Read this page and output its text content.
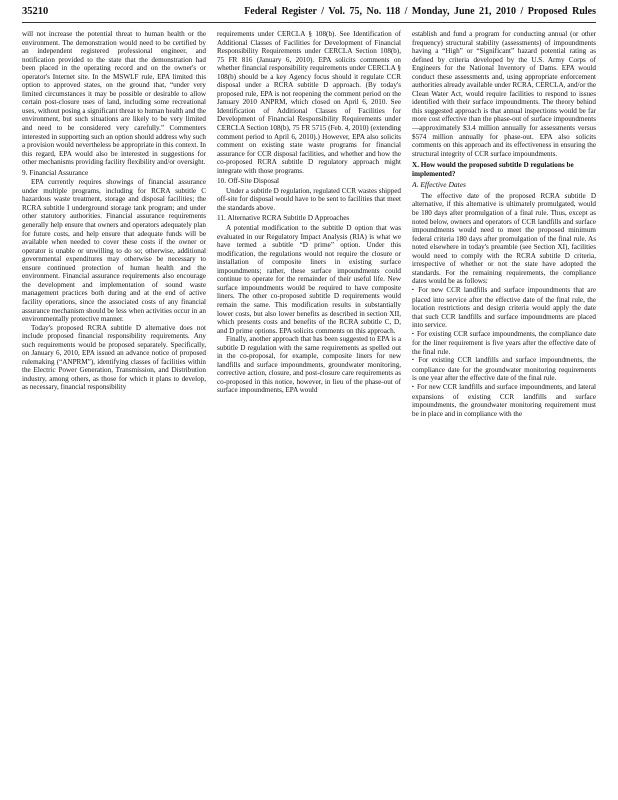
35210	Federal Register / Vol. 75, No. 118 / Monday, June 21, 2010 / Proposed Rules

will not increase the potential threat to human health or the environment. The demonstration would need to be certified by an independent registered professional engineer, and notification provided to the state that the demonstration had been placed in the operating record and on the owner's or operator's Internet site. In the MSWLF rule, EPA limited this option to approved states, on the ground that, “under very limited circumstances it may be possible or desirable to allow certain post-closure uses of land, including some recreational uses, without posing a significant threat to human health and the environment, but such situations are likely to be very limited and need to be considered very carefully.” Commenters interested in supporting such an option should address why such a provision would nevertheless be appropriate in this context. In this regard, EPA would also be interested in suggestions for other mechanisms providing facility flexibility and/or oversight.

9. Financial Assurance

EPA currently requires showings of financial assurance under multiple programs, including for RCRA subtitle C hazardous waste treatment, storage and disposal facilities; the RCRA subtitle I underground storage tank program; and under other statutory authorities. Financial assurance requirements generally help ensure that owners and operators adequately plan for future costs, and help ensure that adequate funds will be available when needed to cover these costs if the owner or operator is unable or unwilling to do so; otherwise, additional governmental expenditures may otherwise be necessary to ensure continued protection of human health and the environment. Financial assurance requirements also encourage the development and implementation of sound waste management practices both during and at the end of active facility operations, since the associated costs of any financial assurance mechanism should be less when activities occur in an environmentally protective manner.

Today's proposed RCRA subtitle D alternative does not include proposed financial responsibility requirements. Any such requirements would be proposed separately. Specifically, on January 6, 2010, EPA issued an advance notice of proposed rulemaking (“ANPRM”), identifying classes of facilities within the Electric Power Generation, Transmission, and Distribution industry, among others, as those for which it plans to develop, as necessary, financial responsibility

requirements under CERCLA § 108(b). See Identification of Additional Classes of Facilities for Development of Financial Responsibility Requirements under CERCLA Section 108(b), 75 FR 816 (January 6, 2010). EPA solicits comments on whether financial responsibility requirements under CERCLA § 108(b) should be a key Agency focus should it regulate CCR disposal under a RCRA subtitle D approach. (By today's proposed rule, EPA is not reopening the comment period on the January 2010 ANPRM, which closed on April 6, 2010. See Identification of Additional Classes of Facilities for Development of Financial Responsibility Requirements under CERCLA Section 108(b), 75 FR 5715 (Feb. 4, 2010) (extending comment period to April 6, 2010).) However, EPA also solicits comment on existing state waste programs for financial assurance for CCR disposal facilities, and whether and how the co-proposed RCRA subtitle D regulatory approach might integrate with those programs.

10. Off-Site Disposal

Under a subtitle D regulation, regulated CCR wastes shipped off-site for disposal would have to be sent to facilities that meet the standards above.

11. Alternative RCRA Subtitle D Approaches

A potential modification to the subtitle D option that was evaluated in our Regulatory Impact Analysis (RIA) is what we have termed a subtitle “D prime” option. Under this modification, the regulations would not require the closure or installation of composite liners in existing surface impoundments; rather, these surface impoundments could continue to operate for the remainder of their useful life. New surface impoundments would be required to have composite liners. The other co-proposed subtitle D requirements would remain the same. This modification results in substantially lower costs, but also lower benefits as described in section XII, which presents costs and benefits of the RCRA subtitle C, D, and D prime options. EPA solicits comments on this approach.

Finally, another approach that has been suggested to EPA is a subtitle D regulation with the same requirements as spelled out in the co-proposal, for example, composite liners for new landfills and surface impoundments, groundwater monitoring, corrective action, closure, and post-closure care requirements as co-proposed in this notice, however, in lieu of the phase-out of surface impoundments, EPA would

establish and fund a program for conducting annual (or other frequency) structural stability (assessments) of impoundments having a “High” or “Significant” hazard potential rating as defined by criteria developed by the U.S. Army Corps of Engineers for the National Inventory of Dams. EPA would conduct these assessments and, using appropriate enforcement authorities already available under RCRA, CERCLA, and/or the Clean Water Act, would require facilities to respond to issues identified with their surface impoundments. The theory behind this suggested approach is that annual inspections would be far more cost effective than the phase-out of surface impoundments—approximately $3.4 million annually for assessments versus $574 million annually for phase-out. EPA also solicits comments on this approach and its effectiveness in ensuring the structural integrity of CCR surface impoundments.

X. How would the proposed subtitle D regulations be implemented?
A. Effective Dates

The effective date of the proposed RCRA subtitle D alternative, if this alternative is ultimately promulgated, would be 180 days after promulgation of a final rule. Thus, except as noted below, owners and operators of CCR landfills and surface impoundments would need to meet the proposed minimum federal criteria 180 days after promulgation of the final rule. As noted elsewhere in today's preamble (see Section XI), facilities would need to comply with the RCRA subtitle D criteria, irrespective of whether or not the state have adopted the standards. For the remaining requirements, the compliance dates would be as follows:

▪ For new CCR landfills and surface impoundments that are placed into service after the effective date of the final rule, the location restrictions and design criteria would apply the date that such CCR landfills and surface impoundments are placed into service.

▪ For existing CCR surface impoundments, the compliance date for the liner requirement is five years after the effective date of the final rule.

▪ For existing CCR landfills and surface impoundments, the compliance date for the groundwater monitoring requirements is one year after the effective date of the final rule.

▪ For new CCR landfills and surface impoundments, and lateral expansions of existing CCR landfills and surface impoundments, the groundwater monitoring requirement must be in place and in compliance with the
